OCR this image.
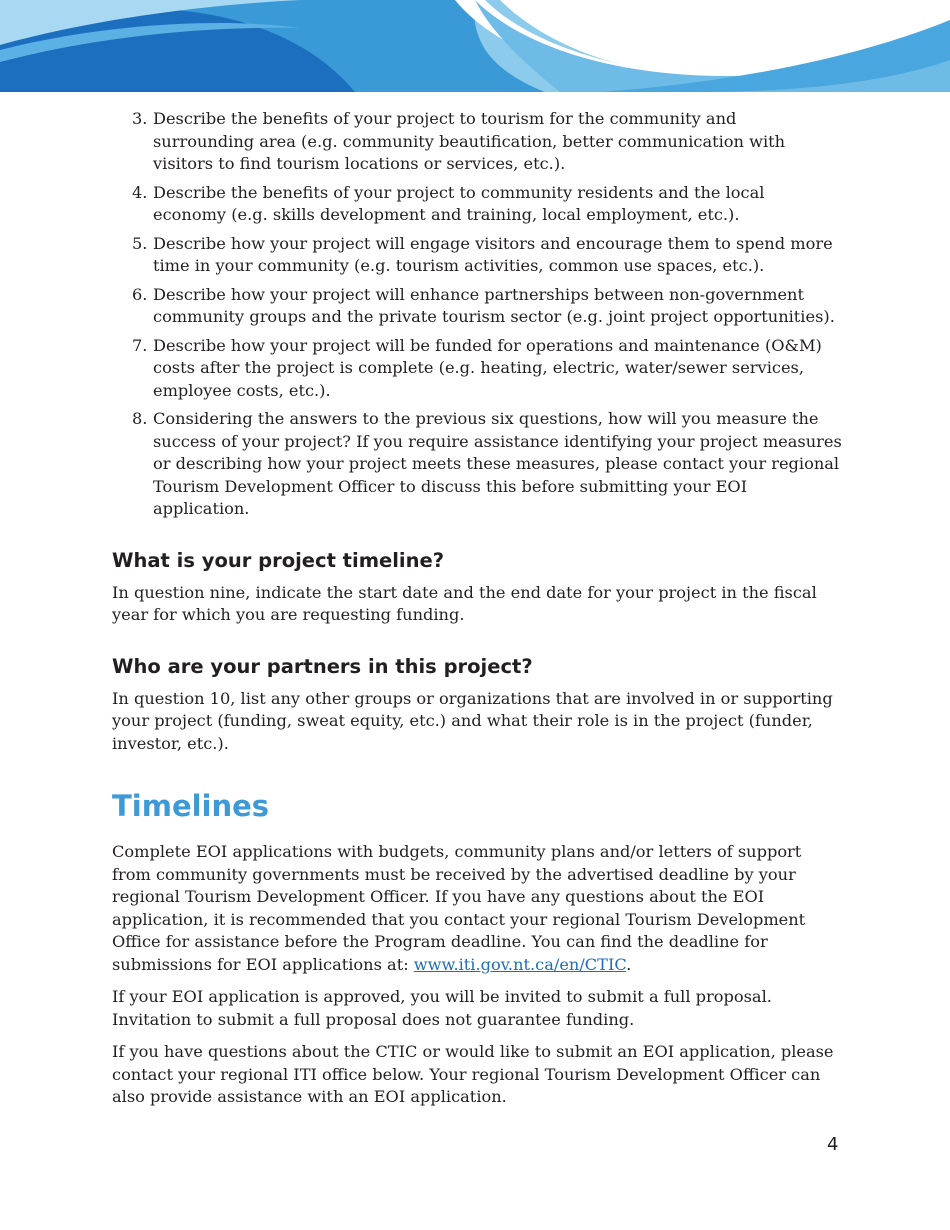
3. Describe the benefits of your project to tourism for the community and surrounding area (e.g. community beautification, better communication with visitors to find tourism locations or services, etc.).
4. Describe the benefits of your project to community residents and the local economy (e.g. skills development and training, local employment, etc.).
5. Describe how your project will engage visitors and encourage them to spend more time in your community (e.g. tourism activities, common use spaces, etc.).
6. Describe how your project will enhance partnerships between non-government community groups and the private tourism sector (e.g. joint project opportunities).
7. Describe how your project will be funded for operations and maintenance (O&M) costs after the project is complete (e.g. heating, electric, water/sewer services, employee costs, etc.).
8. Considering the answers to the previous six questions, how will you measure the success of your project? If you require assistance identifying your project measures or describing how your project meets these measures, please contact your regional Tourism Development Officer to discuss this before submitting your EOI application.
What is your project timeline?

In question nine, indicate the start date and the end date for your project in the fiscal year for which you are requesting funding.

Who are your partners in this project?

In question 10, list any other groups or organizations that are involved in or supporting your project (funding, sweat equity, etc.) and what their role is in the project (funder, investor, etc.).

Timelines

Complete EOI applications with budgets, community plans and/or letters of support from community governments must be received by the advertised deadline by your regional Tourism Development Officer. If you have any questions about the EOI application, it is recommended that you contact your regional Tourism Development Office for assistance before the Program deadline. You can find the deadline for submissions for EOI applications at: www.iti.gov.nt.ca/en/CTIC.

If your EOI application is approved, you will be invited to submit a full proposal. Invitation to submit a full proposal does not guarantee funding.

If you have questions about the CTIC or would like to submit an EOI application, please contact your regional ITI office below. Your regional Tourism Development Officer can also provide assistance with an EOI application.

4
